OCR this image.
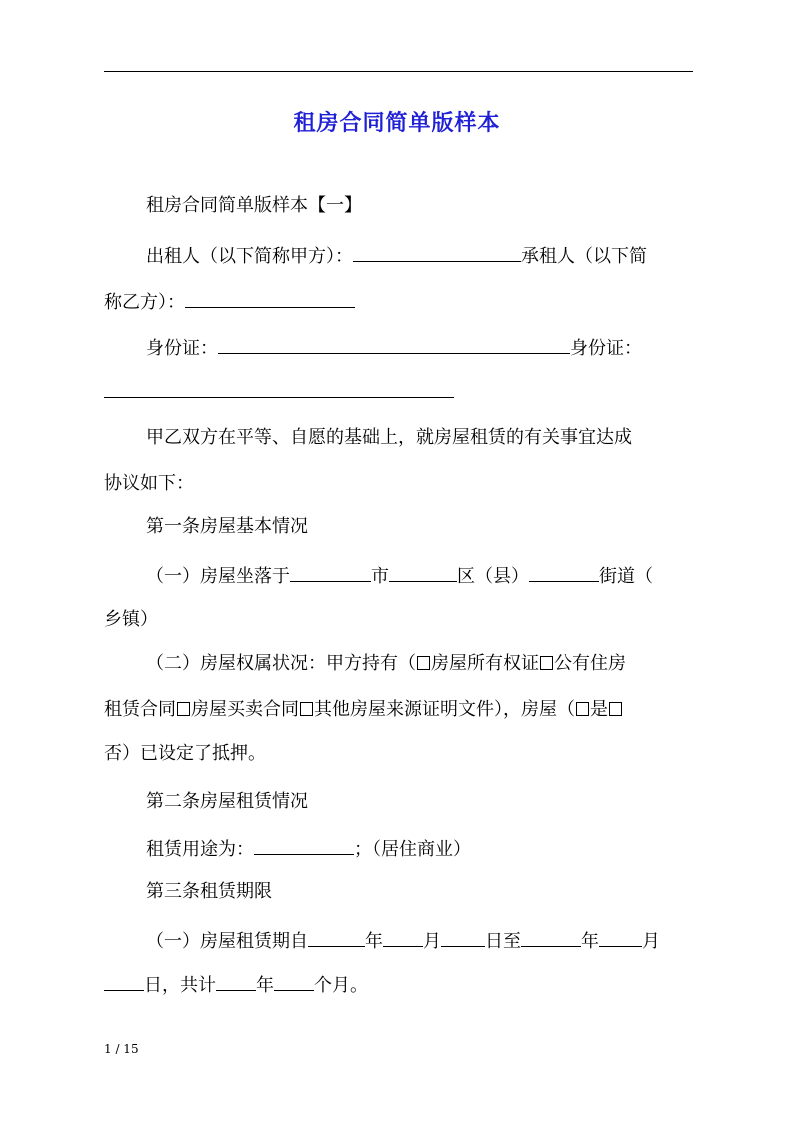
租房合同简单版样本
租房合同简单版样本【一】
出租人（以下简称甲方）：	承租人（以下简
称乙方）：
身份证：	身份证：
甲乙双方在平等、自愿的基础上，就房屋租赁的有关事宜达成
协议如下：
第一条房屋基本情况
（一）房屋坐落于	市	区（县）	街道（
乡镇）
（二）房屋权属状况：甲方持有（ 房屋所有权证 公有住房
租赁合同 房屋买卖合同 其他房屋来源证明文件），房屋（ 是
否）已设定了抵押。
第二条房屋租赁情况
租赁用途为：	；（居住商业）
第三条租赁期限
（一）房屋租赁期自	年 月 日至	年 月
日，共计 年 个月。
1 / 15
